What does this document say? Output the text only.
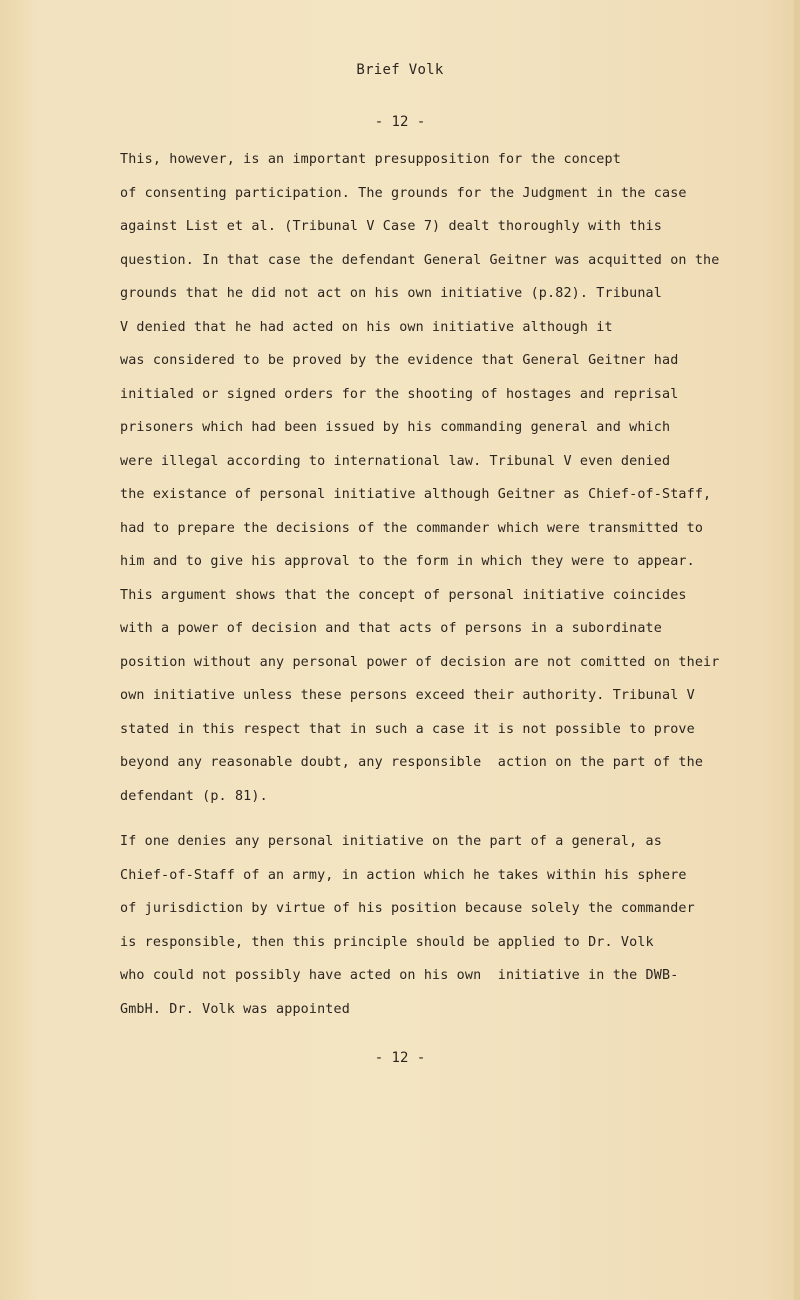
Brief Volk
- 12 -
This, however, is an important presupposition for the concept
of consenting participation. The grounds for the Judgment in the case
against List et al. (Tribunal V Case 7) dealt thoroughly with this
question. In that case the defendant General Geitner was acquitted on the
grounds that he did not act on his own initiative (p.82). Tribunal
V denied that he had acted on his own initiative although it
was considered to be proved by the evidence that General Geitner had
initialed or signed orders for the shooting of hostages and reprisal
prisoners which had been issued by his commanding general and which
were illegal according to international law. Tribunal V even denied
the existance of personal initiative although Geitner as Chief-of-Staff,
had to prepare the decisions of the commander which were transmitted to
him and to give his approval to the form in which they were to appear.
This argument shows that the concept of personal initiative coincides
with a power of decision and that acts of persons in a subordinate
position without any personal power of decision are not comitted on their
own initiative unless these persons exceed their authority. Tribunal V
stated in this respect that in such a case it is not possible to prove
beyond any reasonable doubt, any responsible  action on the part of the
defendant (p. 81).
If one denies any personal initiative on the part of a general, as
Chief-of-Staff of an army, in action which he takes within his sphere
of jurisdiction by virtue of his position because solely the commander
is responsible, then this principle should be applied to Dr. Volk
who could not possibly have acted on his own  initiative in the DWB-
GmbH. Dr. Volk was appointed
- 12 -
